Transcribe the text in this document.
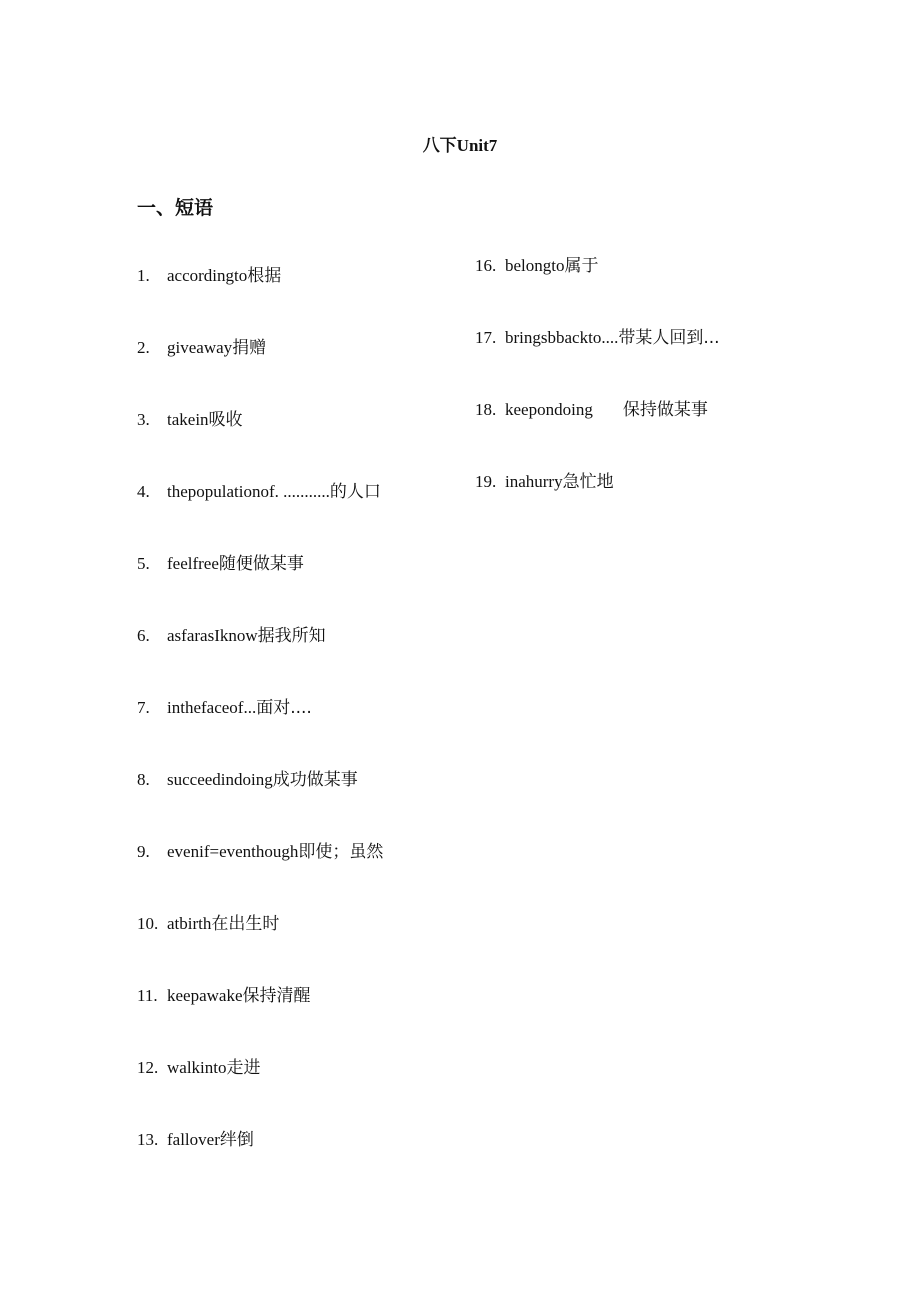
八下Unit7
一、短语
1. accordingto根据
2. giveaway捐赠
3. takein吸收
4. thepopulationof. ...........的人口
5. feelfree随便做某事
6. asfarasIknow据我所知
7. inthefaceof...面对....
8. succeedindoing成功做某事
9. evenif=eventhough即使；虽然
10. atbirth在出生时
11. keepawake保持清醒
12. walkinto走进
13. fallover绊倒
16. belongto属于
17. bringsbbackto....带某人回到...
18. keepondoing 保持做某事
19. inahurry急忙地
